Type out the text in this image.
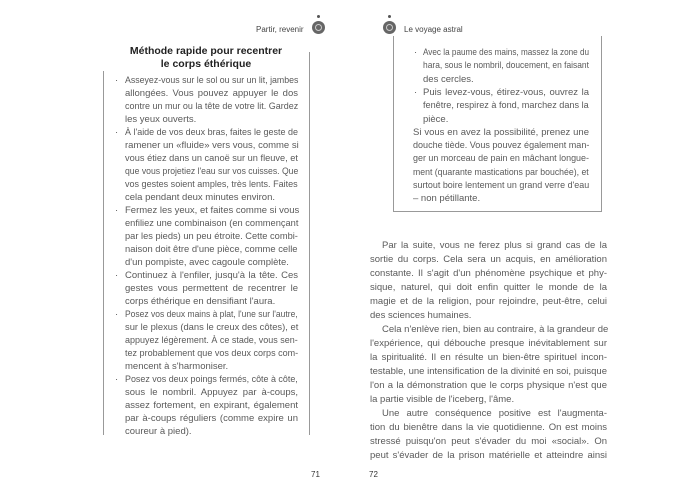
Partir, revenir	Le voyage astral
Méthode rapide pour recentrer
le corps éthérique
· Asseyez-vous sur le sol ou sur un lit, jambes
allongées. Vous pouvez appuyer le dos
contre un mur ou la tête de votre lit. Gardez
les yeux ouverts.
· À l'aide de vos deux bras, faites le geste de
ramener un «fluide» vers vous, comme si
vous étiez dans un canoë sur un fleuve, et
que vous projetiez l'eau sur vos cuisses. Que
vos gestes soient amples, très lents. Faites
cela pendant deux minutes environ.
· Fermez les yeux, et faites comme si vous
enfiliez une combinaison (en commençant
par les pieds) un peu étroite. Cette combi-
naison doit être d'une pièce, comme celle
d'un pompiste, avec cagoule complète.
· Continuez à l'enfiler, jusqu'à la tête. Ces
gestes vous permettent de recentrer le
corps éthérique en densifiant l'aura.
· Posez vos deux mains à plat, l'une sur l'autre,
sur le plexus (dans le creux des côtes), et
appuyez légèrement. À ce stade, vous sen-
tez probablement que vos deux corps com-
mencent à s'harmoniser.
· Posez vos deux poings fermés, côte à côte,
sous le nombril. Appuyez par à-coups,
assez fortement, en expirant, également
par à-coups réguliers (comme expire un
coureur à pied).
· Avec la paume des mains, massez la zone du
hara, sous le nombril, doucement, en faisant
des cercles.
· Puis levez-vous, étirez-vous, ouvrez la
fenêtre, respirez à fond, marchez dans la
pièce.
Si vous en avez la possibilité, prenez une
douche tiède. Vous pouvez également man-
ger un morceau de pain en mâchant longue-
ment (quarante mastications par bouchée), et
surtout boire lentement un grand verre d'eau
– non pétillante.
Par la suite, vous ne ferez plus si grand cas de la
sortie du corps. Cela sera un acquis, en amélioration
constante. Il s'agit d'un phénomène psychique et phy-
sique, naturel, qui doit enfin quitter le monde de la
magie et de la religion, pour rejoindre, peut-être, celui
des sciences humaines.
Cela n'enlève rien, bien au contraire, à la grandeur de
l'expérience, qui débouche presque inévitablement sur
la spiritualité. Il en résulte un bien-être spirituel incon-
testable, une intensification de la divinité en soi, puisque
l'on a la démonstration que le corps physique n'est que
la partie visible de l'iceberg, l'âme.
Une autre conséquence positive est l'augmenta-
tion du bienêtre dans la vie quotidienne. On est moins
stressé puisqu'on peut s'évader du moi «social». On
peut s'évader de la prison matérielle et atteindre ainsi
71	72
